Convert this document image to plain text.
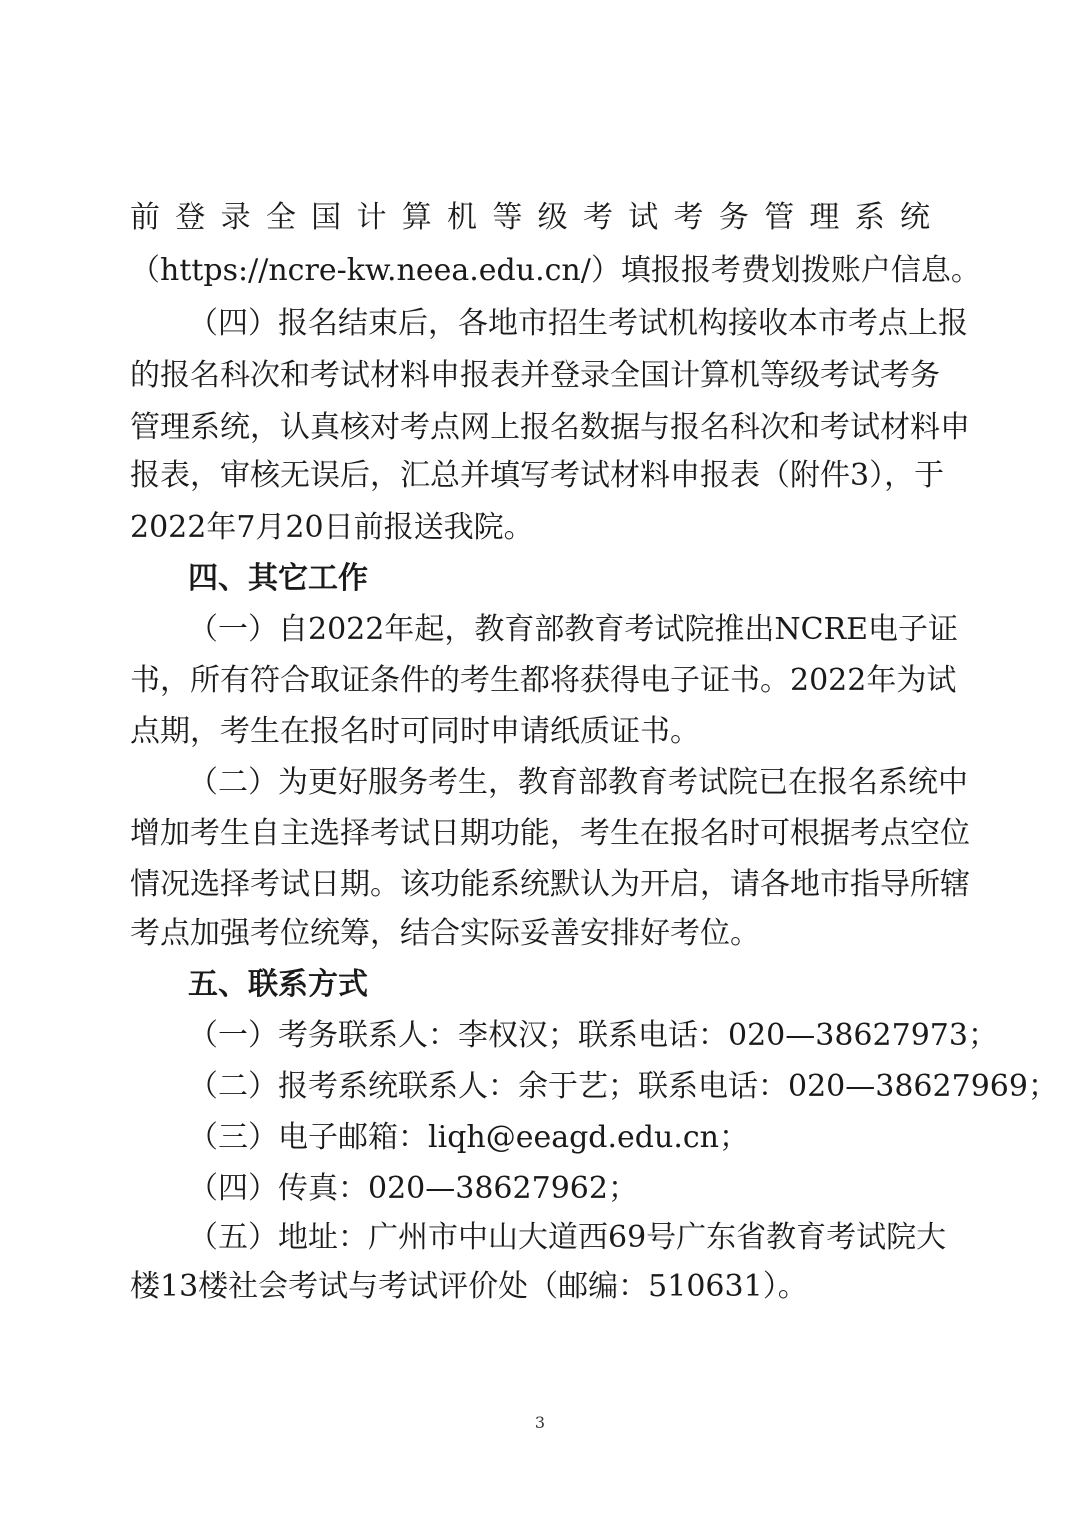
前登录全国计算机等级考试考务管理系统
（https://ncre-kw.neea.edu.cn/）填报报考费划拨账户信息。
（四）报名结束后，各地市招生考试机构接收本市考点上报
的报名科次和考试材料申报表并登录全国计算机等级考试考务
管理系统，认真核对考点网上报名数据与报名科次和考试材料申
报表，审核无误后，汇总并填写考试材料申报表（附件3），于
2022年7月20日前报送我院。
四、其它工作
（一）自2022年起，教育部教育考试院推出NCRE电子证
书，所有符合取证条件的考生都将获得电子证书。2022年为试
点期，考生在报名时可同时申请纸质证书。
（二）为更好服务考生，教育部教育考试院已在报名系统中
增加考生自主选择考试日期功能，考生在报名时可根据考点空位
情况选择考试日期。该功能系统默认为开启，请各地市指导所辖
考点加强考位统筹，结合实际妥善安排好考位。
五、联系方式
（一）考务联系人：李权汉；联系电话：020—38627973；
（二）报考系统联系人：余于艺；联系电话：020—38627969；
（三）电子邮箱：liqh@eeagd.edu.cn；
（四）传真：020—38627962；
（五）地址：广州市中山大道西69号广东省教育考试院大
楼13楼社会考试与考试评价处（邮编：510631）。
3
